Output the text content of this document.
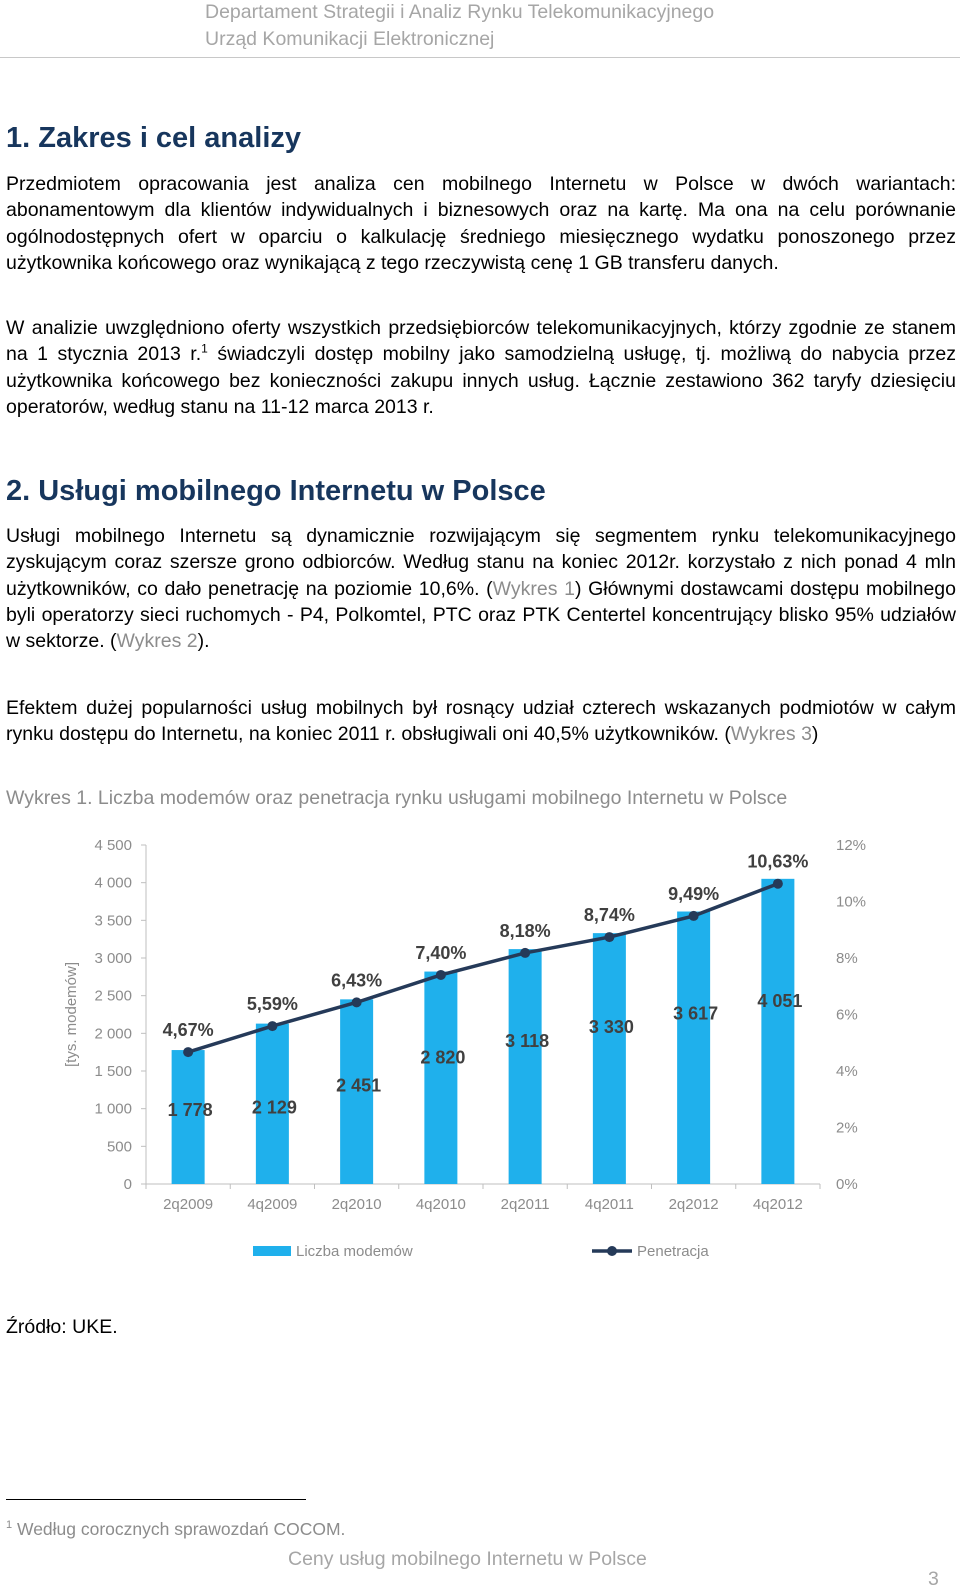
Departament Strategii i Analiz Rynku Telekomunikacyjnego
Urząd Komunikacji Elektronicznej
1. Zakres i cel analizy

Przedmiotem opracowania jest analiza cen mobilnego Internetu w Polsce w dwóch wariantach: abonamentowym dla klientów indywidualnych i biznesowych oraz na kartę. Ma ona na celu porównanie ogólnodostępnych ofert w oparciu o kalkulację średniego miesięcznego wydatku ponoszonego przez użytkownika końcowego oraz wynikającą z tego rzeczywistą cenę 1 GB transferu danych.

W analizie uwzględniono oferty wszystkich przedsiębiorców telekomunikacyjnych, którzy zgodnie ze stanem na 1 stycznia 2013 r.$^1$ świadczyli dostęp mobilny jako samodzielną usługę, tj. możliwą do nabycia przez użytkownika końcowego bez konieczności zakupu innych usług. Łącznie zestawiono 362 taryfy dziesięciu operatorów, według stanu na 11-12 marca 2013 r.

2. Usługi mobilnego Internetu w Polsce

Usługi mobilnego Internetu są dynamicznie rozwijającym się segmentem rynku telekomunikacyjnego zyskującym coraz szersze grono odbiorców. Według stanu na koniec 2012r. korzystało z nich ponad 4 mln użytkowników, co dało penetrację na poziomie 10,6%. (Wykres 1) Głównymi dostawcami dostępu mobilnego byli operatorzy sieci ruchomych - P4, Polkomtel, PTC oraz PTK Centertel koncentrujący blisko 95% udziałów w sektorze. (Wykres 2).

Efektem dużej popularności usług mobilnych był rosnący udział czterech wskazanych podmiotów w całym rynku dostępu do Internetu, na koniec 2011 r. obsługiwali oni 40,5% użytkowników. (Wykres 3)

Wykres 1. Liczba modemów oraz penetracja rynku usługami mobilnego Internetu w Polsce
0
500
1 000
1 500
2 000
2 500
3 000
3 500
4 000
4 500
0%
2%
4%
6%
8%
10%
12%
[tys. modemów]
2q2009 4q2009 2q2010 4q2010 2q2011 4q2011 2q2012 4q2012
1 778 2 129
2 451
2 820
3 118
3 330
3 617
4 051
4,67%
5,59%
6,43%
7,40%
8,18%
8,74%
9,49%
10,63%
Liczba modemów	Penetracja
Źródło: UKE.
$^1$ Według corocznych sprawozdań COCOM.
Ceny usług mobilnego Internetu w Polsce
3
